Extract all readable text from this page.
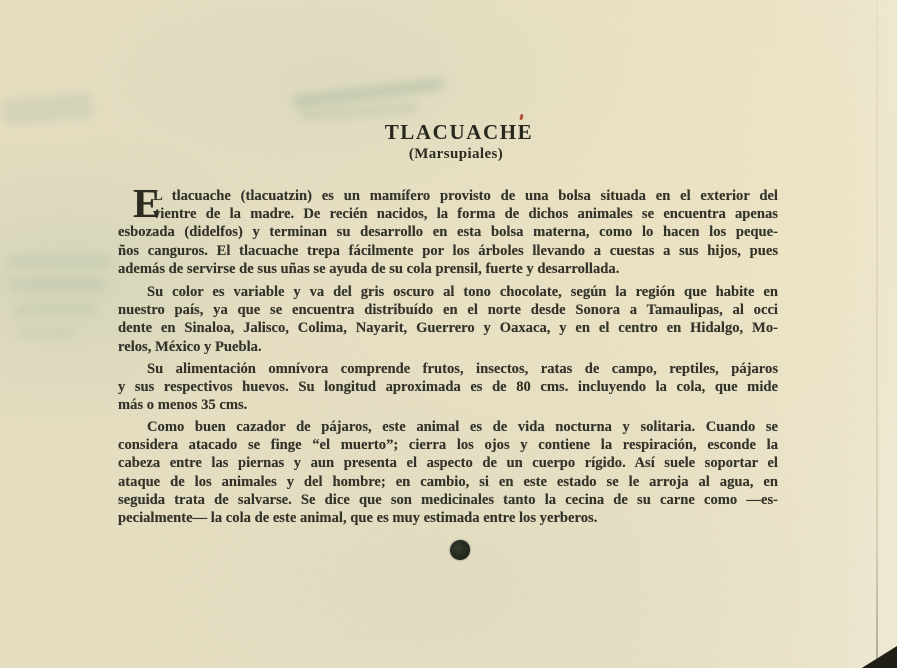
TLACUACHE
(Marsupiales)
E
L tlacuache (tlacuatzin) es un mamífero provisto de una bolsa situada en el exterior del
vientre de la madre. De recién nacidos, la forma de dichos animales se encuentra apenas
esbozada (didelfos) y terminan su desarrollo en esta bolsa materna, como lo hacen los peque-
ños canguros. El tlacuache trepa fácilmente por los árboles llevando a cuestas a sus hijos, pues
además de servirse de sus uñas se ayuda de su cola prensil, fuerte y desarrollada.
Su color es variable y va del gris oscuro al tono chocolate, según la región que habite en
nuestro país, ya que se encuentra distribuído en el norte desde Sonora a Tamaulipas, al occi
dente en Sinaloa, Jalisco, Colima, Nayarit, Guerrero y Oaxaca, y en el centro en Hidalgo, Mo-
relos, México y Puebla.
Su alimentación omnívora comprende frutos, insectos, ratas de campo, reptiles, pájaros
y sus respectivos huevos. Su longitud aproximada es de 80 cms. incluyendo la cola, que mide
más o menos 35 cms.
Como buen cazador de pájaros, este animal es de vida nocturna y solitaria. Cuando se
considera atacado se finge “el muerto”; cierra los ojos y contiene la respiración, esconde la
cabeza entre las piernas y aun presenta el aspecto de un cuerpo rígido. Así suele soportar el
ataque de los animales y del hombre; en cambio, si en este estado se le arroja al agua, en
seguida trata de salvarse. Se dice que son medicinales tanto la cecina de su carne como —es-
pecialmente— la cola de este animal, que es muy estimada entre los yerberos.
